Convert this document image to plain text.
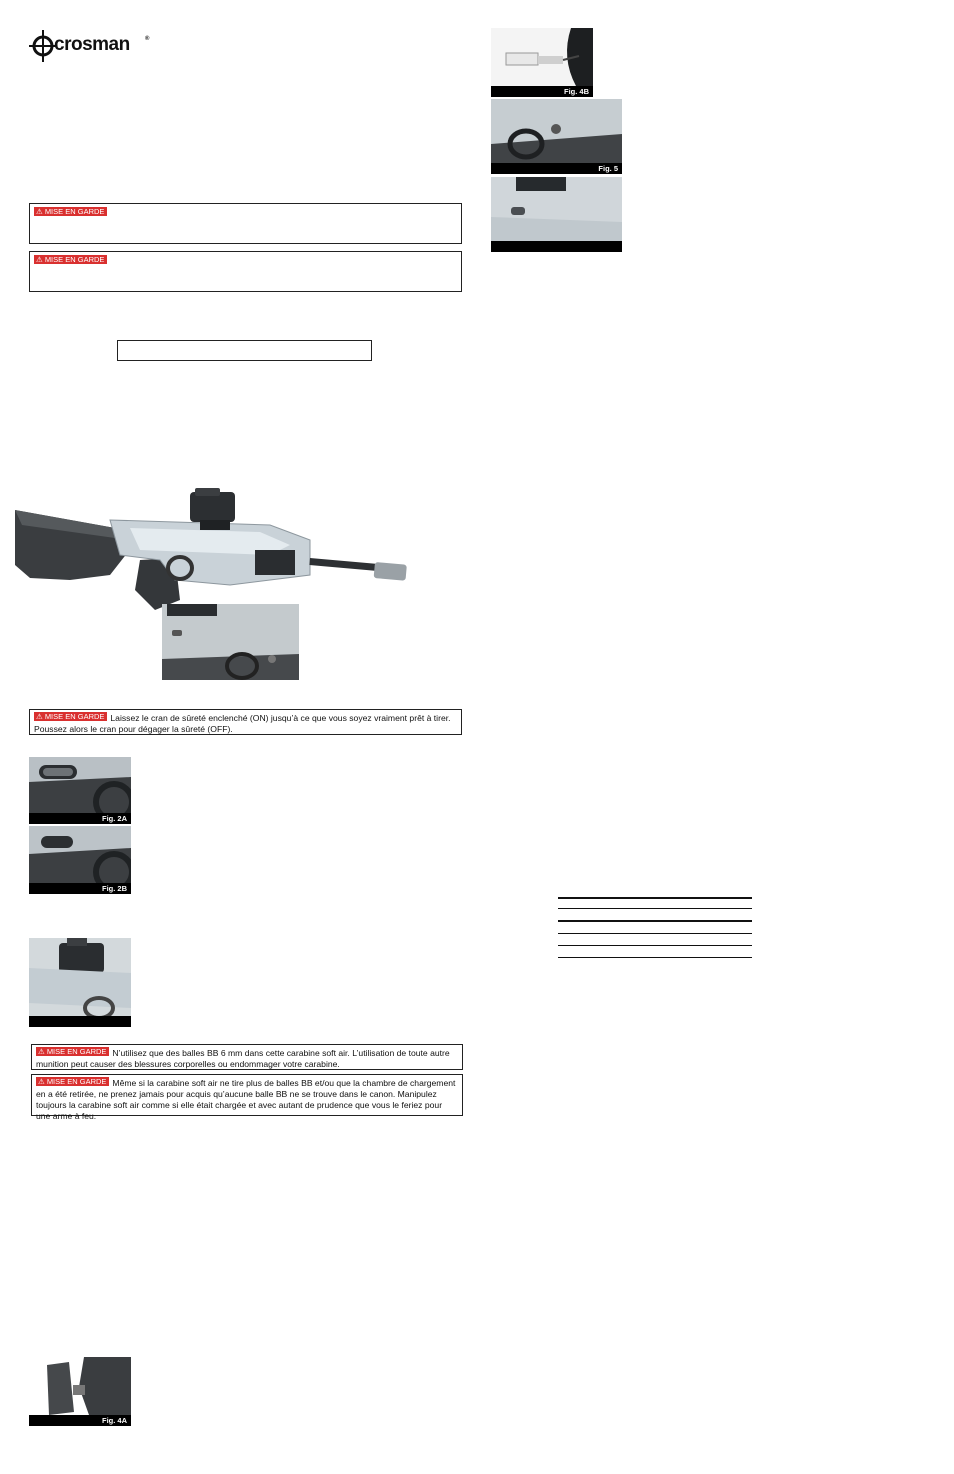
crosman	®
⚠ MISE EN GARDE
⚠ MISE EN GARDE
⚠ MISE EN GARDE Laissez le cran de sûreté enclenché (ON) jusqu’à ce que vous soyez vraiment prêt à tirer. Poussez alors le cran pour dégager la sûreté (OFF).
Fig. 2A
Fig. 2B
⚠ MISE EN GARDE N’utilisez que des balles BB 6 mm dans cette carabine soft air. L’utilisation de toute autre munition peut causer des blessures corporelles ou endommager votre carabine.
⚠ MISE EN GARDE Même si la carabine soft air ne tire plus de balles BB et/ou que la chambre de chargement en a été retirée, ne prenez jamais pour acquis qu’aucune balle BB ne se trouve dans le canon. Manipulez toujours la carabine soft air comme si elle était chargée et avec autant de prudence que vous le feriez pour une arme à feu.
Fig. 4A
Fig. 4B
Fig. 5
